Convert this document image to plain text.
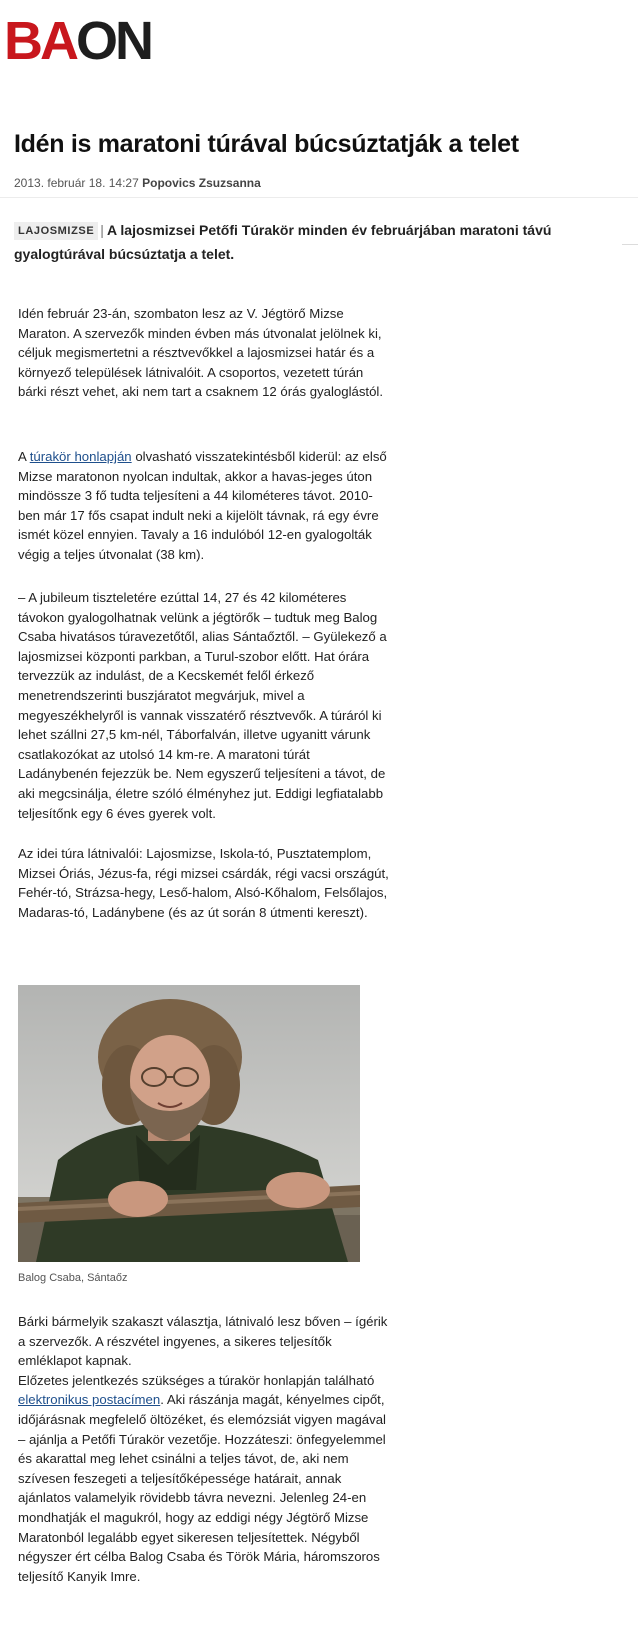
BAON
Idén is maratoni túrával búcsúztatják a telet
2013. február 18. 14:27 Popovics Zsuzsanna
LAJOSMIZSE | A lajosmizsei Petőfi Túrakör minden év februárjában maratoni távú gyalogtúrával búcsúztatja a telet.

Idén február 23-án, szombaton lesz az V. Jégtörő Mizse Maraton. A szervezők minden évben más útvonalat jelölnek ki, céljuk megismertetni a résztvevőkkel a lajosmizsei határ és a környező települések látnivalóit. A csoportos, vezetett túrán bárki részt vehet, aki nem tart a csaknem 12 órás gyaloglástól.

A túrakör honlapján olvasható visszatekintésből kiderül: az első Mizse maratonon nyolcan indultak, akkor a havas-jeges úton mindössze 3 fő tudta teljesíteni a 44 kilométeres távot. 2010-ben már 17 fős csapat indult neki a kijelölt távnak, rá egy évre ismét közel ennyien. Tavaly a 16 indulóból 12-en gyalogolták végig a teljes útvonalat (38 km).

– A jubileum tiszteletére ezúttal 14, 27 és 42 kilométeres távokon gyalogolhatnak velünk a jégtörők – tudtuk meg Balog Csaba hivatásos túravezetőtől, alias Sántaőztől. – Gyülekező a lajosmizsei központi parkban, a Turul-szobor előtt. Hat órára tervezzük az indulást, de a Kecskemét felől érkező menetrendszerinti buszjáratot megvárjuk, mivel a megyeszékhelyről is vannak visszatérő résztvevők. A túráról ki lehet szállni 27,5 km-nél, Táborfalván, illetve ugyanitt várunk csatlakozókat az utolsó 14 km-re. A maratoni túrát Ladánybenén fejezzük be. Nem egyszerű teljesíteni a távot, de aki megcsinálja, életre szóló élményhez jut. Eddigi legfiatalabb teljesítőnk egy 6 éves gyerek volt.

Az idei túra látnivalói: Lajosmizse, Iskola-tó, Pusztatemplom, Mizsei Óriás, Jézus-fa, régi mizsei csárdák, régi vacsi országút, Fehér-tó, Strázsa-hegy, Leső-halom, Alsó-Kőhalom, Felsőlajos, Madaras-tó, Ladánybene (és az út során 8 útmenti kereszt).

Balog Csaba, Sántaőz

Bárki bármelyik szakaszt választja, látnivaló lesz bőven – ígérik a szervezők. A részvétel ingyenes, a sikeres teljesítők emléklapot kapnak.

Előzetes jelentkezés szükséges a túrakör honlapján található elektronikus postacímen. Aki rászánja magát, kényelmes cipőt, időjárásnak megfelelő öltözéket, és elemózsiát vigyen magával – ajánlja a Petőfi Túrakör vezetője. Hozzáteszi: önfegyelemmel és akarattal meg lehet csinálni a teljes távot, de, aki nem szívesen feszegeti a teljesítőképessége határait, annak ajánlatos valamelyik rövidebb távra nevezni. Jelenleg 24-en mondhatják el magukról, hogy az eddigi négy Jégtörő Mizse Maratonból legalább egyet sikeresen teljesítettek. Négyből négyszer ért célba Balog Csaba és Török Mária, háromszoros teljesítő Kanyik Imre.
